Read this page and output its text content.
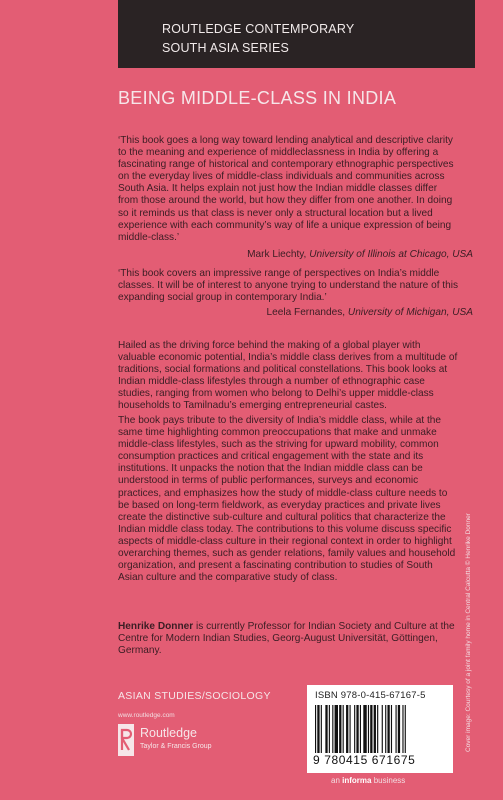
ROUTLEDGE CONTEMPORARY
SOUTH ASIA SERIES
BEING MIDDLE-CLASS IN INDIA

‘This book goes a long way toward lending analytical and descriptive clarity to the meaning and experience of middleclassness in India by offering a fascinating range of historical and contemporary ethnographic perspectives on the everyday lives of middle-class individuals and communities across South Asia. It helps explain not just how the Indian middle classes differ from those around the world, but how they differ from one another. In doing so it reminds us that class is never only a structural location but a lived experience with each community’s way of life a unique expression of being middle-class.’

Mark Liechty, University of Illinois at Chicago, USA

‘This book covers an impressive range of perspectives on India’s middle classes. It will be of interest to anyone trying to understand the nature of this expanding social group in contemporary India.’

Leela Fernandes, University of Michigan, USA

Hailed as the driving force behind the making of a global player with valuable economic potential, India’s middle class derives from a multitude of traditions, social formations and political constellations. This book looks at Indian middle-class lifestyles through a number of ethnographic case studies, ranging from women who belong to Delhi’s upper middle-class households to Tamilnadu’s emerging entrepreneurial castes.

The book pays tribute to the diversity of India’s middle class, while at the same time highlighting common preoccupations that make and unmake middle-class lifestyles, such as the striving for upward mobility, common consumption practices and critical engagement with the state and its institutions. It unpacks the notion that the Indian middle class can be understood in terms of public performances, surveys and economic practices, and emphasizes how the study of middle-class culture needs to be based on long-term fieldwork, as everyday practices and private lives create the distinctive sub-culture and cultural politics that characterize the Indian middle class today. The contributions to this volume discuss specific aspects of middle-class culture in their regional context in order to highlight overarching themes, such as gender relations, family values and household organization, and present a fascinating contribution to studies of South Asian culture and the comparative study of class.

Henrike Donner is currently Professor for Indian Society and Culture at the Centre for Modern Indian Studies, Georg-August Universität, Göttingen, Germany.

ASIAN STUDIES/SOCIOLOGY
www.routledge.com
Routledge
Taylor & Francis Group
ISBN 978-0-415-67167-5
9 780415 671675
an informa business
Cover image: Courtesy of a joint family home in Central Calcutta © Henrike Donner
